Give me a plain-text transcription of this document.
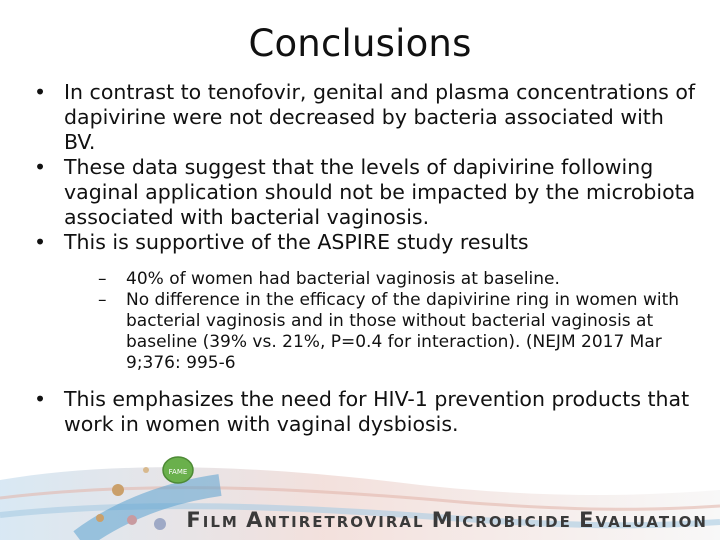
Conclusions
• In contrast to tenofovir, genital and plasma concentrations of dapivirine were not decreased by bacteria associated with BV.
• These data suggest that the levels of dapivirine following vaginal application should not be impacted by the microbiota associated with bacterial vaginosis.
• This is supportive of the ASPIRE study results
– 40% of women had bacterial vaginosis at baseline.
– No difference in the efficacy of the dapivirine ring in women with bacterial vaginosis and in those without bacterial vaginosis at baseline (39% vs. 21%, P=0.4 for interaction). (NEJM 2017 Mar 9;376: 995-6
• This emphasizes the need for HIV-1 prevention products that work in women with vaginal dysbiosis.
FAME
FILM ANTIRETROVIRAL MICROBICIDE EVALUATION
